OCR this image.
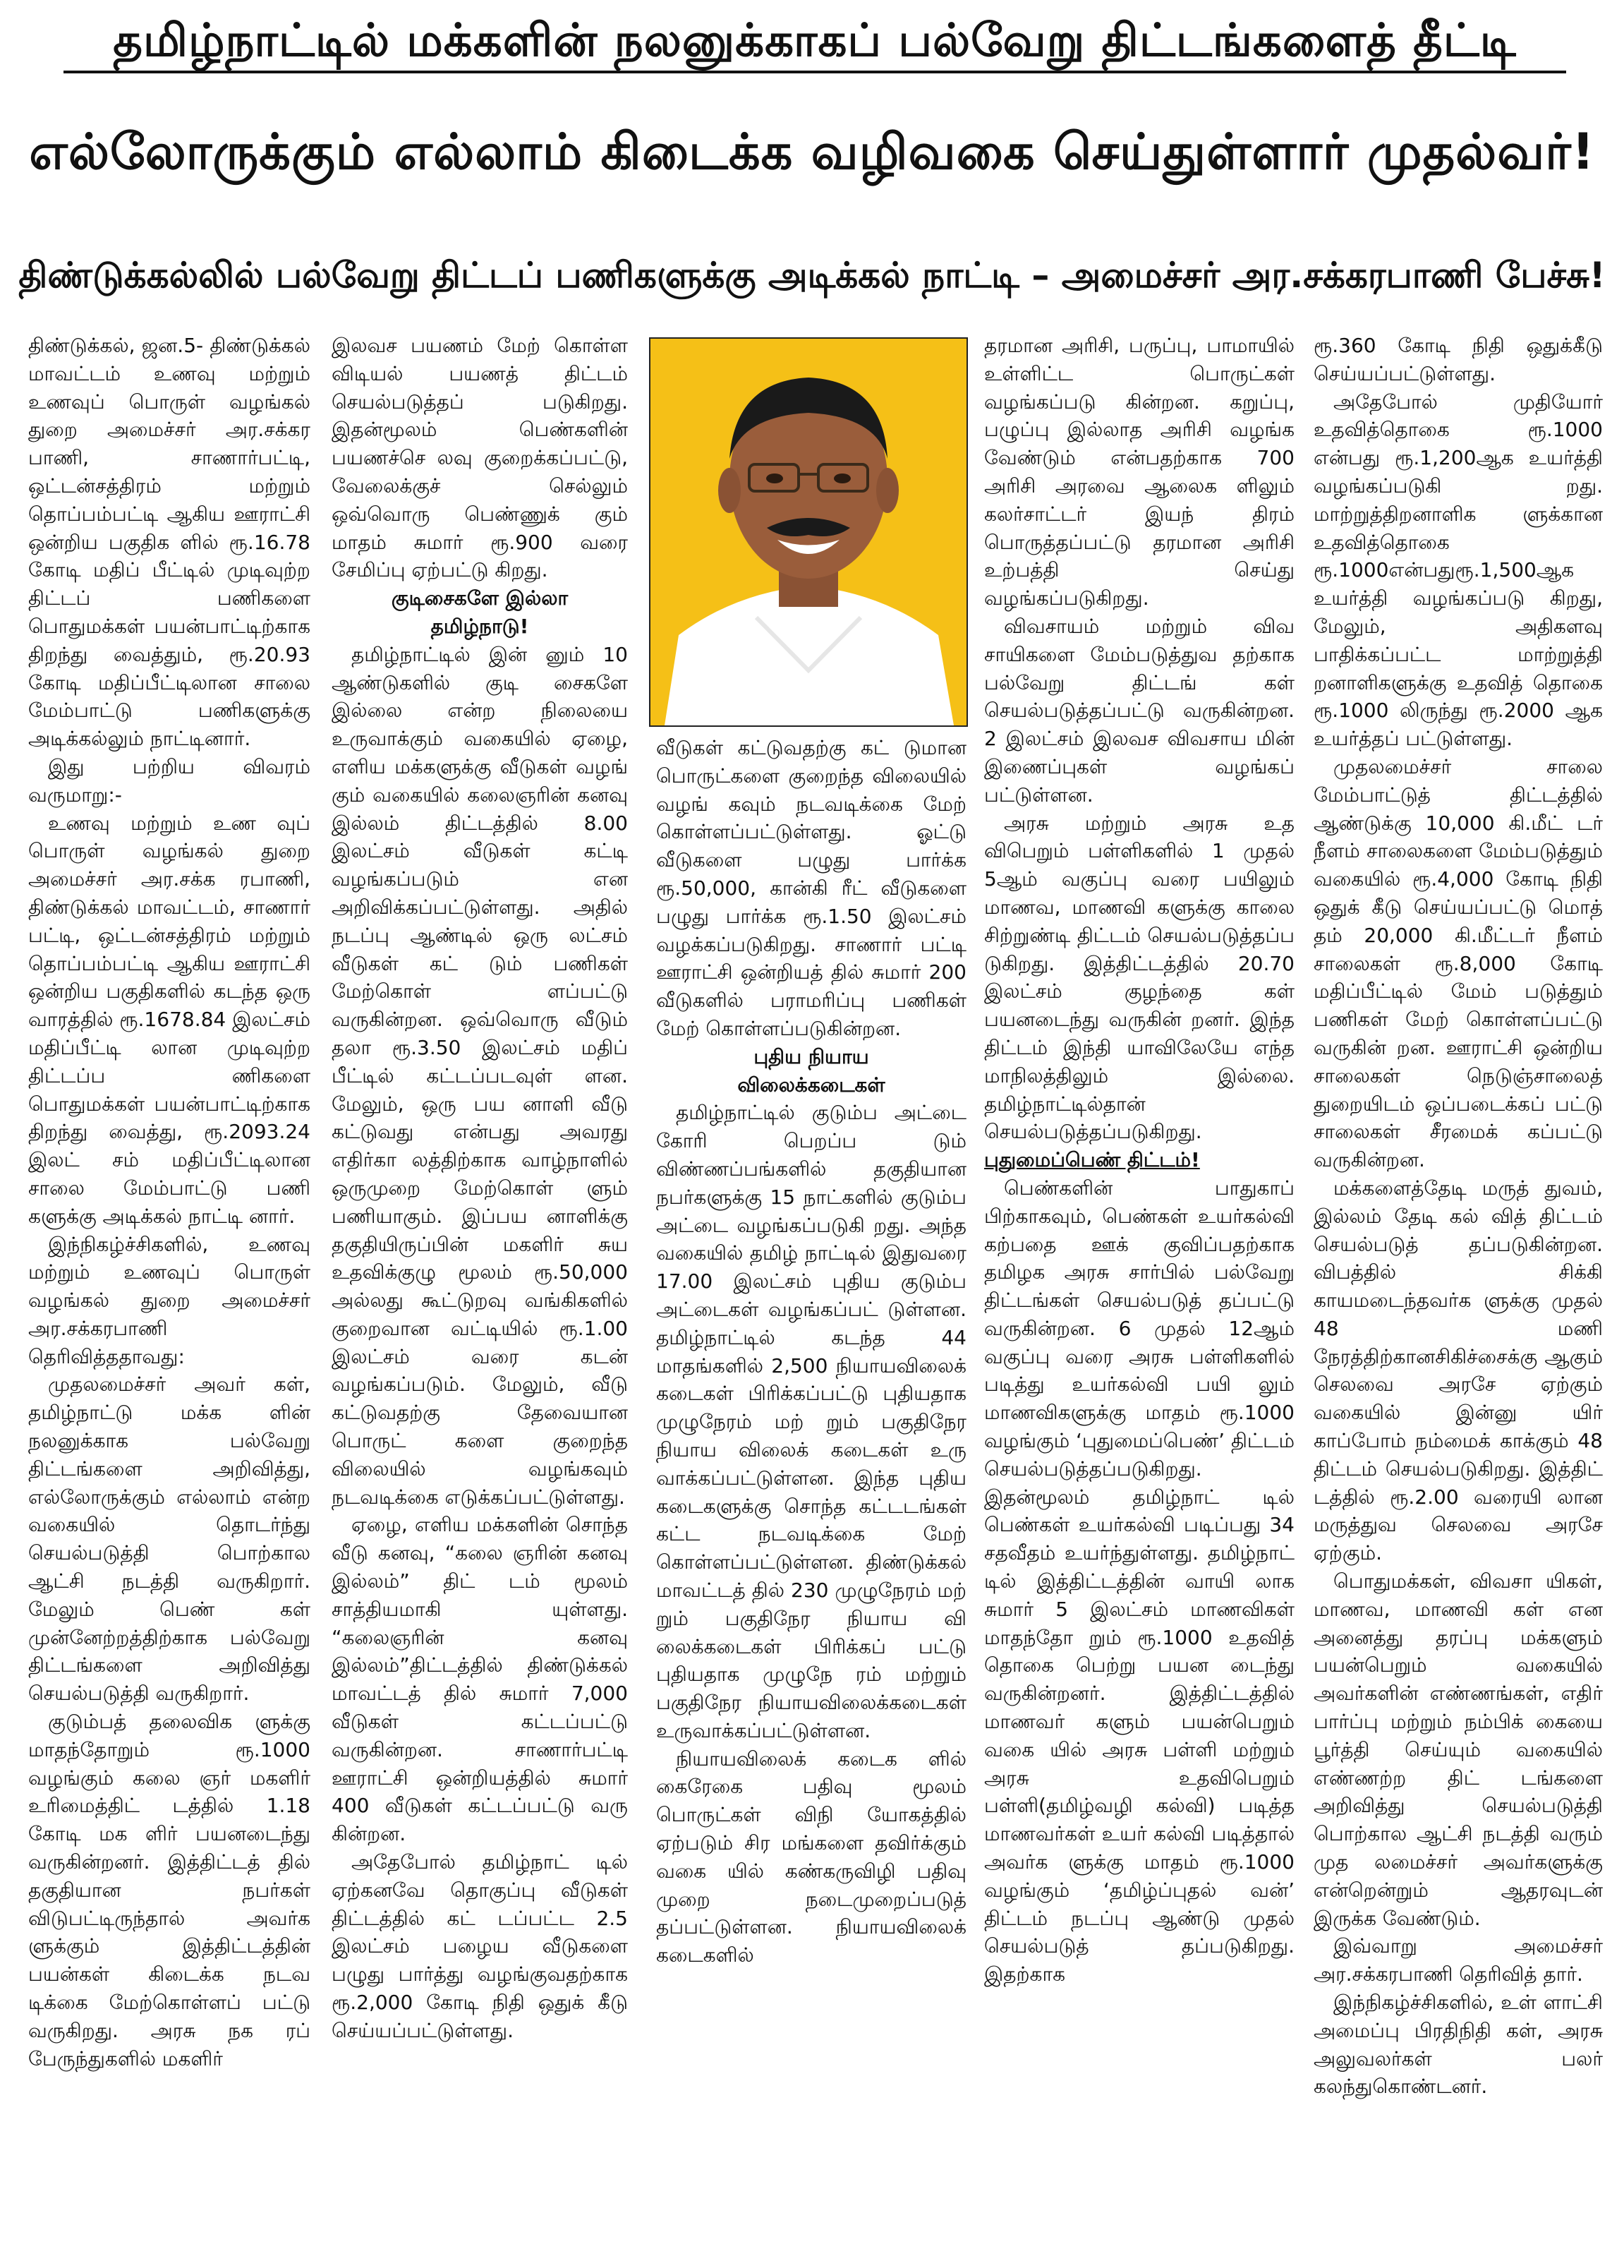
தமிழ்நாட்டில் மக்களின் நலனுக்காகப் பல்வேறு திட்டங்களைத் தீட்டி
எல்லோருக்கும் எல்லாம் கிடைக்க வழிவகை செய்துள்ளார் முதல்வர்!
திண்டுக்கல்லில் பல்வேறு திட்டப் பணிகளுக்கு அடிக்கல் நாட்டி – அமைச்சர் அர.சக்கரபாணி பேச்சு!

திண்டுக்கல், ஜன.5- திண்டுக்கல் மாவட்டம் உணவு மற்றும் உணவுப் பொருள் வழங்கல் துறை அமைச்சர் அர.சக்கர பாணி, சாணார்பட்டி, ஒட்டன்சத்திரம் மற்றும் தொப்பம்பட்டி ஆகிய ஊராட்சி ஒன்றிய பகுதிக ளில் ரூ.16.78 கோடி மதிப் பீட்டில் முடிவுற்ற திட்டப் பணிகளை பொதுமக்கள் பயன்பாட்டிற்காக திறந்து வைத்தும், ரூ.20.93 கோடி மதிப்பீட்டிலான சாலை மேம்பாட்டு பணிகளுக்கு அடிக்கல்லும் நாட்டினார்.

இது பற்றிய விவரம் வருமாறு:-

உணவு மற்றும் உண வுப் பொருள் வழங்கல் துறை அமைச்சர் அர.சக்க ரபாணி, திண்டுக்கல் மாவட்டம், சாணார் பட்டி, ஒட்டன்சத்திரம் மற்றும் தொப்பம்பட்டி ஆகிய ஊராட்சி ஒன்றிய பகுதிகளில் கடந்த ஒரு வாரத்தில் ரூ.1678.84 இலட்சம் மதிப்பீட்டி லான முடிவுற்ற திட்டப்ப ணிகளை பொதுமக்கள் பயன்பாட்டிற்காக திறந்து வைத்து, ரூ.2093.24 இலட் சம் மதிப்பீட்டிலான சாலை மேம்பாட்டு பணி களுக்கு அடிக்கல் நாட்டி னார்.

இந்நிகழ்ச்சிகளில், உணவு மற்றும் உணவுப் பொருள் வழங்கல் துறை அமைச்சர் அர.சக்கரபாணி தெரிவித்ததாவது:

முதலமைச்சர் அவர் கள், தமிழ்நாட்டு மக்க ளின் நலனுக்காக பல்வேறு திட்டங்களை அறிவித்து, எல்லோருக்கும் எல்லாம் என்ற வகையில் தொடர்ந்து செயல்படுத்தி பொற்கால ஆட்சி நடத்தி வருகிறார். மேலும் பெண் கள் முன்னேற்றத்திற்காக பல்வேறு திட்டங்களை அறிவித்து செயல்படுத்தி வருகிறார்.

குடும்பத் தலைவிக ளுக்கு மாதந்தோறும் ரூ.1000 வழங்கும் கலை ஞர் மகளிர் உரிமைத்திட் டத்தில் 1.18 கோடி மக ளிர் பயனடைந்து வருகின்றனர். இத்திட்டத் தில் தகுதியான நபர்கள் விடுபட்டிருந்தால் அவர்க ளுக்கும் இத்திட்டத்தின் பயன்கள் கிடைக்க நடவ டிக்கை மேற்கொள்ளப் பட்டு வருகிறது. அரசு நக ரப் பேருந்துகளில் மகளிர்

இலவச பயணம் மேற் கொள்ள விடியல் பயணத் திட்டம் செயல்படுத்தப் படுகிறது. இதன்மூலம் பெண்களின் பயணச்செ லவு குறைக்கப்பட்டு, வேலைக்குச் செல்லும் ஒவ்வொரு பெண்ணுக் கும் மாதம் சுமார் ரூ.900 வரை சேமிப்பு ஏற்பட்டு கிறது.

குடிசைகளே இல்லா

தமிழ்நாடு!

தமிழ்நாட்டில் இன் னும் 10 ஆண்டுகளில் குடி சைகளே இல்லை என்ற நிலையை உருவாக்கும் வகையில் ஏழை, எளிய மக்களுக்கு வீடுகள் வழங் கும் வகையில் கலைஞரின் கனவு இல்லம் திட்டத்தில் 8.00 இலட்சம் வீடுகள் கட்டி வழங்கப்படும் என அறிவிக்கப்பட்டுள்ளது. அதில் நடப்பு ஆண்டில் ஒரு லட்சம் வீடுகள் கட் டும் பணிகள் மேற்கொள் ளப்பட்டு வருகின்றன. ஒவ்வொரு வீடும் தலா ரூ.3.50 இலட்சம் மதிப் பீட்டில் கட்டப்படவுள் ளன. மேலும், ஒரு பய னாளி வீடு கட்டுவது என்பது அவரது எதிர்கா லத்திற்காக வாழ்நாளில் ஒருமுறை மேற்கொள் ளும் பணியாகும். இப்பய னாளிக்கு தகுதியிருப்பின் மகளிர் சுய உதவிக்குழு மூலம் ரூ.50,000 அல்லது கூட்டுறவு வங்கிகளில் குறைவான வட்டியில் ரூ.1.00 இலட்சம் வரை கடன் வழங்கப்படும். மேலும், வீடு கட்டுவதற்கு தேவையான பொருட் களை குறைந்த விலையில் வழங்கவும் நடவடிக்கை எடுக்கப்பட்டுள்ளது.

ஏழை, எளிய மக்களின் சொந்த வீடு கனவு, “கலை ஞரின் கனவு இல்லம்” திட் டம் மூலம் சாத்தியமாகி யுள்ளது. “கலைஞரின் கனவு இல்லம்”திட்டத்தில் திண்டுக்கல் மாவட்டத் தில் சுமார் 7,000 வீடுகள் கட்டப்பட்டு வருகின்றன. சாணார்பட்டி ஊராட்சி ஒன்றியத்தில் சுமார் 400 வீடுகள் கட்டப்பட்டு வரு கின்றன.

அதேபோல் தமிழ்நாட் டில் ஏற்கனவே தொகுப்பு வீடுகள் திட்டத்தில் கட் டப்பட்ட 2.5 இலட்சம் பழைய வீடுகளை பழுது பார்த்து வழங்குவதற்காக ரூ.2,000 கோடி நிதி ஒதுக் கீடு செய்யப்பட்டுள்ளது.

வீடுகள் கட்டுவதற்கு கட் டுமான பொருட்களை குறைந்த விலையில் வழங் கவும் நடவடிக்கை மேற் கொள்ளப்பட்டுள்ளது. ஓட்டு வீடுகளை பழுது பார்க்க ரூ.50,000, கான்கி ரீட் வீடுகளை பழுது பார்க்க ரூ.1.50 இலட்சம் வழக்கப்படுகிறது. சாணார் பட்டி ஊராட்சி ஒன்றியத் தில் சுமார் 200 வீடுகளில் பராமரிப்பு பணிகள் மேற் கொள்ளப்படுகின்றன.

புதிய நியாய

விலைக்கடைகள்

தமிழ்நாட்டில் குடும்ப அட்டை கோரி பெறப்ப டும் விண்ணப்பங்களில் தகுதியான நபர்களுக்கு 15 நாட்களில் குடும்ப அட்டை வழங்கப்படுகி றது. அந்த வகையில் தமிழ் நாட்டில் இதுவரை 17.00 இலட்சம் புதிய குடும்ப அட்டைகள் வழங்கப்பட் டுள்ளன. தமிழ்நாட்டில் கடந்த 44 மாதங்களில் 2,500 நியாயவிலைக் கடைகள் பிரிக்கப்பட்டு புதியதாக முழுநேரம் மற் றும் பகுதிநேர நியாய விலைக் கடைகள் உரு வாக்கப்பட்டுள்ளன. இந்த புதிய கடைகளுக்கு சொந்த கட்டடங்கள் கட்ட நடவடிக்கை மேற் கொள்ளப்பட்டுள்ளன. திண்டுக்கல் மாவட்டத் தில் 230 முழுநேரம் மற் றும் பகுதிநேர நியாய வி லைக்கடைகள் பிரிக்கப் பட்டு புதியதாக முழுநே ரம் மற்றும் பகுதிநேர நியாயவிலைக்கடைகள் உருவாக்கப்பட்டுள்ளன.

நியாயவிலைக் கடைக ளில் கைரேகை பதிவு மூலம் பொருட்கள் விநி யோகத்தில் ஏற்படும் சிர மங்களை தவிர்க்கும் வகை யில் கண்கருவிழி பதிவு முறை நடைமுறைப்படுத் தப்பட்டுள்ளன. நியாயவிலைக் கடைகளில்

தரமான அரிசி, பருப்பு, பாமாயில் உள்ளிட்ட பொருட்கள் வழங்கப்படு கின்றன. கறுப்பு, பழுப்பு இல்லாத அரிசி வழங்க வேண்டும் என்பதற்காக 700 அரிசி அரவை ஆலைக ளிலும் கலர்சாட்டர் இயந் திரம் பொருத்தப்பட்டு தரமான அரிசி உற்பத்தி செய்து வழங்கப்படுகிறது.

விவசாயம் மற்றும் விவ சாயிகளை மேம்படுத்துவ தற்காக பல்வேறு திட்டங் கள் செயல்படுத்தப்பட்டு வருகின்றன. 2 இலட்சம் இலவச விவசாய மின் இணைப்புகள் வழங்கப் பட்டுள்ளன.

அரசு மற்றும் அரசு உத விபெறும் பள்ளிகளில் 1 முதல் 5ஆம் வகுப்பு வரை பயிலும் மாணவ, மாணவி களுக்கு காலை சிற்றுண்டி திட்டம் செயல்படுத்தப்ப டுகிறது. இத்திட்டத்தில் 20.70 இலட்சம் குழந்தை கள் பயனடைந்து வருகின் றனர். இந்த திட்டம் இந்தி யாவிலேயே எந்த மாநிலத்திலும் இல்லை. தமிழ்நாட்டில்தான் செயல்படுத்தப்படுகிறது.

புதுமைப்பெண் திட்டம்!

பெண்களின் பாதுகாப் பிற்காகவும், பெண்கள் உயர்கல்வி கற்பதை ஊக் குவிப்பதற்காக தமிழக அரசு சார்பில் பல்வேறு திட்டங்கள் செயல்படுத் தப்பட்டு வருகின்றன. 6 முதல் 12ஆம் வகுப்பு வரை அரசு பள்ளிகளில் படித்து உயர்கல்வி பயி லும் மாணவிகளுக்கு மாதம் ரூ.1000 வழங்கும் ‘புதுமைப்பெண்’ திட்டம் செயல்படுத்தப்படுகிறது. இதன்மூலம் தமிழ்நாட் டில் பெண்கள் உயர்கல்வி படிப்பது 34 சதவீதம் உயர்ந்துள்ளது. தமிழ்நாட் டில் இத்திட்டத்தின் வாயி லாக சுமார் 5 இலட்சம் மாணவிகள் மாதந்தோ றும் ரூ.1000 உதவித் தொகை பெற்று பயன டைந்து வருகின்றனர். இத்திட்டத்தில் மாணவர் களும் பயன்பெறும் வகை யில் அரசு பள்ளி மற்றும் அரசு உதவிபெறும் பள்ளி(தமிழ்வழி கல்வி) படித்த மாணவர்கள் உயர் கல்வி படித்தால் அவர்க ளுக்கு மாதம் ரூ.1000 வழங்கும் ‘தமிழ்ப்புதல் வன்’ திட்டம் நடப்பு ஆண்டு முதல் செயல்படுத் தப்படுகிறது. இதற்காக

ரூ.360 கோடி நிதி ஒதுக்கீடு செய்யப்பட்டுள்ளது.

அதேபோல் முதியோர் உதவித்தொகை ரூ.1000 என்பது ரூ.1,200ஆக உயர்த்தி வழங்கப்படுகி றது. மாற்றுத்திறனாளிக ளுக்கான உதவித்தொகை ரூ.1000என்பதுரூ.1,500ஆக உயர்த்தி வழங்கப்படு கிறது, மேலும், அதிகளவு பாதிக்கப்பட்ட மாற்றுத்தி றனாளிகளுக்கு உதவித் தொகை ரூ.1000 லிருந்து ரூ.2000 ஆக உயர்த்தப் பட்டுள்ளது.

முதலமைச்சர் சாலை மேம்பாட்டுத் திட்டத்தில் ஆண்டுக்கு 10,000 கி.மீட் டர் நீளம் சாலைகளை மேம்படுத்தும் வகையில் ரூ.4,000 கோடி நிதி ஒதுக் கீடு செய்யப்பட்டு மொத் தம் 20,000 கி.மீட்டர் நீளம் சாலைகள் ரூ.8,000 கோடி மதிப்பீட்டில் மேம் படுத்தும் பணிகள் மேற் கொள்ளப்பட்டு வருகின் றன. ஊராட்சி ஒன்றிய சாலைகள் நெடுஞ்சாலைத் துறையிடம் ஒப்படைக்கப் பட்டு சாலைகள் சீரமைக் கப்பட்டு வருகின்றன.

மக்களைத்தேடி மருத் துவம், இல்லம் தேடி கல் வித் திட்டம் செயல்படுத் தப்படுகின்றன. விபத்தில் சிக்கி காயமடைந்தவர்க ளுக்கு முதல் 48 மணி நேரத்திற்கானசிகிச்சைக்கு ஆகும் செலவை அரசே ஏற்கும் வகையில் இன்னு யிர் காப்போம் நம்மைக் காக்கும் 48 திட்டம் செயல்படுகிறது. இத்திட் டத்தில் ரூ.2.00 வரையி லான மருத்துவ செலவை அரசே ஏற்கும்.

பொதுமக்கள், விவசா யிகள், மாணவ, மாணவி கள் என அனைத்து தரப்பு மக்களும் பயன்பெறும் வகையில் அவர்களின் எண்ணங்கள், எதிர் பார்ப்பு மற்றும் நம்பிக் கையை பூர்த்தி செய்யும் வகையில் எண்ணற்ற திட் டங்களை அறிவித்து செயல்படுத்தி பொற்கால ஆட்சி நடத்தி வரும் முத லமைச்சர் அவர்களுக்கு என்றென்றும் ஆதரவுடன் இருக்க வேண்டும்.

இவ்வாறு அமைச்சர் அர.சக்கரபாணி தெரிவித் தார்.

இந்நிகழ்ச்சிகளில், உள் ளாட்சி அமைப்பு பிரதிநிதி கள், அரசு அலுவலர்கள் பலர் கலந்துகொண்டனர்.
